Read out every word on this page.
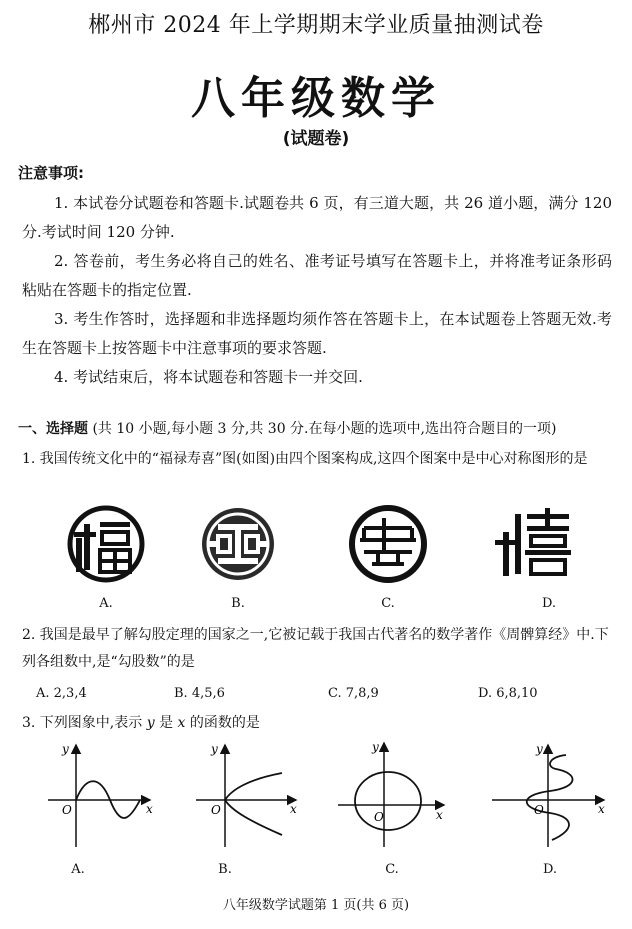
郴州市 2024 年上学期期末学业质量抽测试卷
八年级数学
(试题卷)
注意事项:

1. 本试卷分试题卷和答题卡.试题卷共 6 页，有三道大题，共 26 道小题，满分 120 分.考试时间 120 分钟.

2. 答卷前，考生务必将自己的姓名、准考证号填写在答题卡上，并将准考证条形码粘贴在答题卡的指定位置.

3. 考生作答时，选择题和非选择题均须作答在答题卡上，在本试题卷上答题无效.考生在答题卡上按答题卡中注意事项的要求答题.

4. 考试结束后，将本试题卷和答题卡一并交回.

一、选择题 (共 10 小题,每小题 3 分,共 30 分.在每小题的选项中,选出符合题目的一项)
1. 我国传统文化中的“福禄寿喜”图(如图)由四个图案构成,这四个图案中是中心对称图形的是
A.	B.	C.	D.
2. 我国是最早了解勾股定理的国家之一,它被记载于我国古代著名的数学著作《周髀算经》中.下列各组数中,是“勾股数”的是
A. 2,3,4	B. 4,5,6	C. 7,8,9	D. 6,8,10
3. 下列图象中,表示 y 是 x 的函数的是
x
y
O	x
y
O	x
y
O
x
y
O
A.	B.	C.	D.
八年级数学试题第 1 页(共 6 页)
